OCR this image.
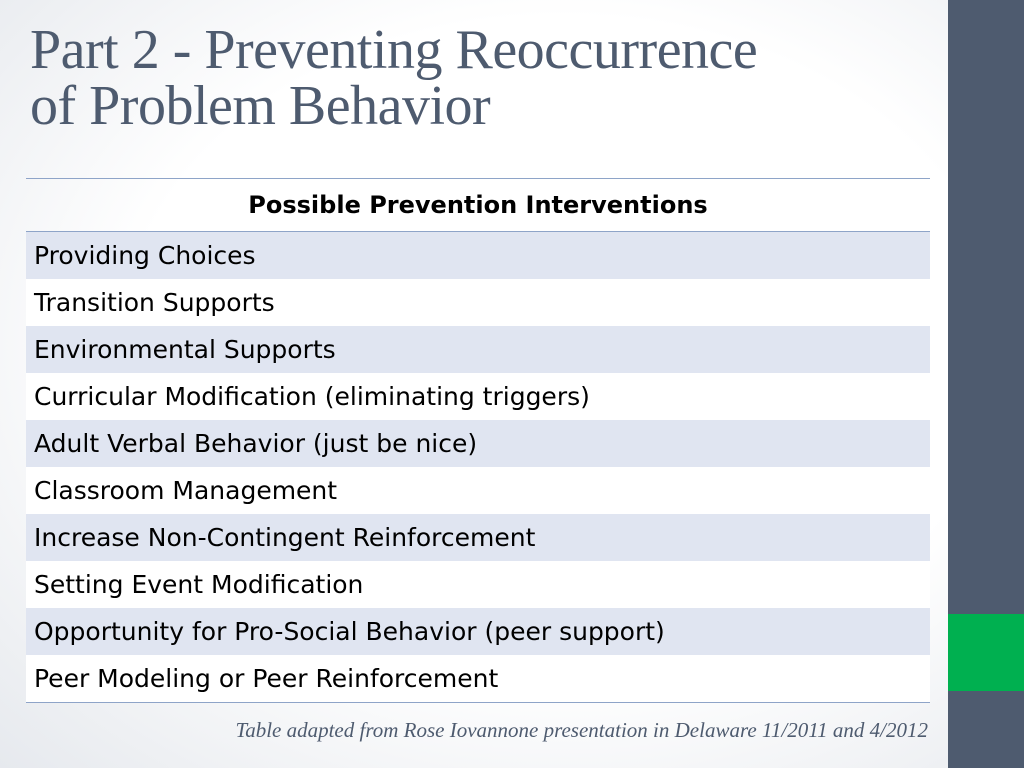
Part 2 - Preventing Reoccurrence
of Problem Behavior
Possible Prevention Interventions
Providing Choices
Transition Supports
Environmental Supports
Curricular Modification (eliminating triggers)
Adult Verbal Behavior (just be nice)
Classroom Management
Increase Non-Contingent Reinforcement
Setting Event Modification
Opportunity for Pro-Social Behavior (peer support)
Peer Modeling or Peer Reinforcement
Table adapted from Rose Iovannone presentation in Delaware 11/2011 and 4/2012
